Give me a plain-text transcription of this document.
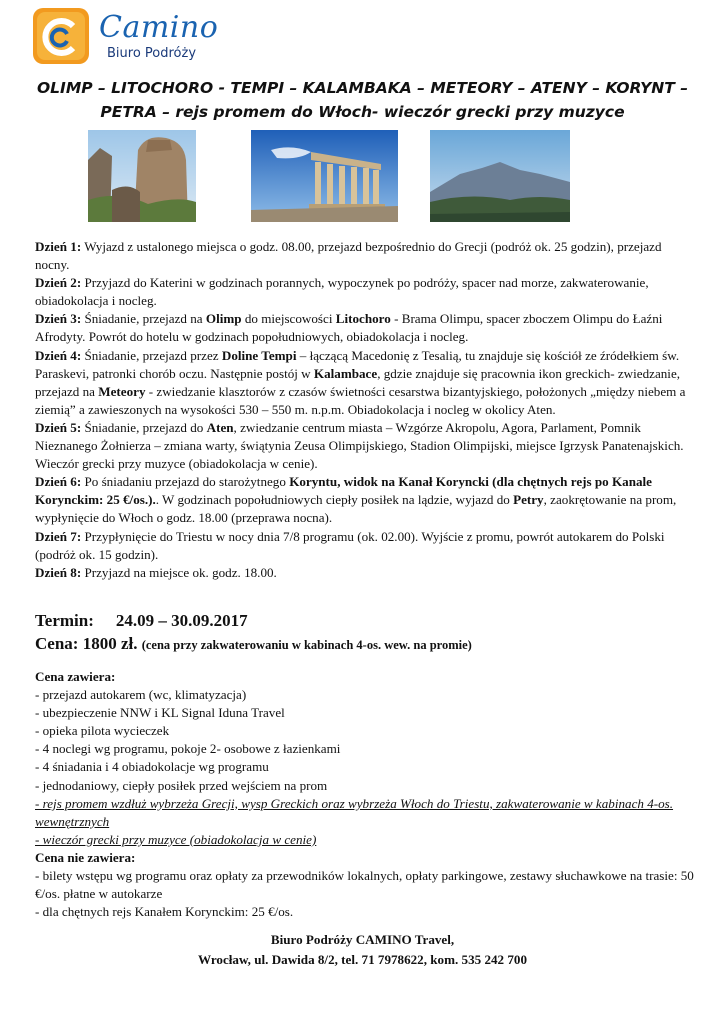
Camino
Biuro Podróży
OLIMP – LITOCHORO - TEMPI – KALAMBAKA – METEORY – ATENY – KORYNT –
PETRA – rejs promem do Włoch- wieczór grecki przy muzyce

Dzień 1: Wyjazd z ustalonego miejsca o godz. 08.00, przejazd bezpośrednio do Grecji (podróż ok. 25 godzin), przejazd nocny.

Dzień 2: Przyjazd do Katerini w godzinach porannych, wypoczynek po podróży, spacer nad morze, zakwaterowanie, obiadokolacja i nocleg.

Dzień 3: Śniadanie, przejazd na Olimp do miejscowości Litochoro - Brama Olimpu, spacer zboczem Olimpu do Łaźni Afrodyty. Powrót do hotelu w godzinach popołudniowych, obiadokolacja i nocleg.

Dzień 4: Śniadanie, przejazd przez Doline Tempi – łączącą Macedonię z Tesalią, tu znajduje się kościół ze źródełkiem św. Paraskevi, patronki chorób oczu. Następnie postój w Kalambace, gdzie znajduje się pracownia ikon greckich- zwiedzanie, przejazd na Meteory - zwiedzanie klasztorów z czasów świetności cesarstwa bizantyjskiego, położonych „między niebem a ziemią” a zawieszonych na wysokości 530 – 550 m. n.p.m. Obiadokolacja i nocleg w okolicy Aten.

Dzień 5: Śniadanie, przejazd do Aten, zwiedzanie centrum miasta – Wzgórze Akropolu, Agora, Parlament, Pomnik Nieznanego Żołnierza – zmiana warty, świątynia Zeusa Olimpijskiego, Stadion Olimpijski, miejsce Igrzysk Panatenajskich. Wieczór grecki przy muzyce (obiadokolacja w cenie).

Dzień 6: Po śniadaniu przejazd do starożytnego Koryntu, widok na Kanał Koryncki (dla chętnych rejs po Kanale Korynckim: 25 €/os.).. W godzinach popołudniowych ciepły posiłek na lądzie, wyjazd do Petry, zaokrętowanie na prom, wypłynięcie do Włoch o godz. 18.00 (przeprawa nocna).

Dzień 7: Przypłynięcie do Triestu w nocy dnia 7/8 programu (ok. 02.00). Wyjście z promu, powrót autokarem do Polski (podróż ok. 15 godzin).

Dzień 8: Przyjazd na miejsce ok. godz. 18.00.

Termin: 24.09 – 30.09.2017
Cena: 1800 zł. (cena przy zakwaterowaniu w kabinach 4-os. wew. na promie)

Cena zawiera:

- przejazd autokarem (wc, klimatyzacja)

- ubezpieczenie NNW i KL Signal Iduna Travel

- opieka pilota wycieczek

- 4 noclegi wg programu, pokoje 2- osobowe z łazienkami

- 4 śniadania i 4 obiadokolacje wg programu

- jednodaniowy, ciepły posiłek przed wejściem na prom

- rejs promem wzdłuż wybrzeża Grecji, wysp Greckich oraz wybrzeża Włoch do Triestu, zakwaterowanie w kabinach 4-os. wewnętrznych

- wieczór grecki przy muzyce (obiadokolacja w cenie)

Cena nie zawiera:

- bilety wstępu wg programu oraz opłaty za przewodników lokalnych, opłaty parkingowe, zestawy słuchawkowe na trasie: 50 €/os. płatne w autokarze

- dla chętnych rejs Kanałem Korynckim: 25 €/os.

Biuro Podróży CAMINO Travel,
Wrocław, ul. Dawida 8/2, tel. 71 7978622, kom. 535 242 700
